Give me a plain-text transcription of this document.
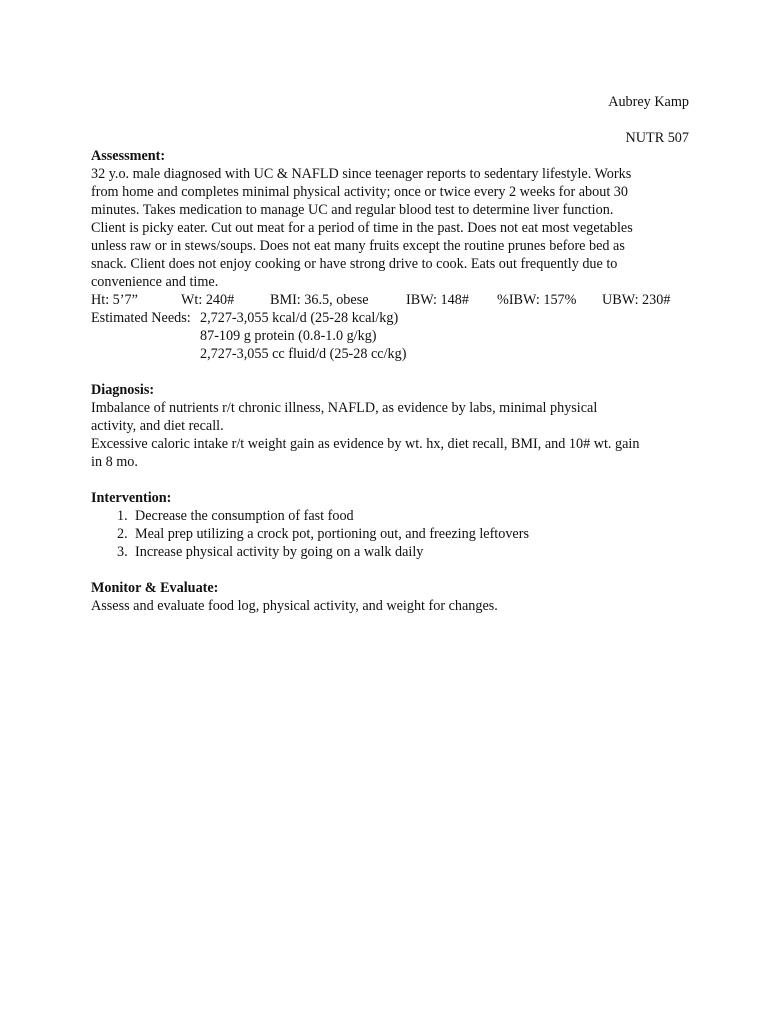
Aubrey Kamp
NUTR 507
Assessment:
32 y.o. male diagnosed with UC & NAFLD since teenager reports to sedentary lifestyle. Works
from home and completes minimal physical activity; once or twice every 2 weeks for about 30
minutes. Takes medication to manage UC and regular blood test to determine liver function.
Client is picky eater. Cut out meat for a period of time in the past. Does not eat most vegetables
unless raw or in stews/soups. Does not eat many fruits except the routine prunes before bed as
snack. Client does not enjoy cooking or have strong drive to cook. Eats out frequently due to
convenience and time.
Ht: 5’7”	Wt: 240#	BMI: 36.5, obese	IBW: 148# %IBW: 157% UBW: 230#
Estimated Needs: 2,727-3,055 kcal/d (25-28 kcal/kg)
87-109 g protein (0.8-1.0 g/kg)
2,727-3,055 cc fluid/d (25-28 cc/kg)
Diagnosis:
Imbalance of nutrients r/t chronic illness, NAFLD, as evidence by labs, minimal physical
activity, and diet recall.
Excessive caloric intake r/t weight gain as evidence by wt. hx, diet recall, BMI, and 10# wt. gain
in 8 mo.
Intervention:
1. Decrease the consumption of fast food
2. Meal prep utilizing a crock pot, portioning out, and freezing leftovers
3. Increase physical activity by going on a walk daily
Monitor & Evaluate:
Assess and evaluate food log, physical activity, and weight for changes.
